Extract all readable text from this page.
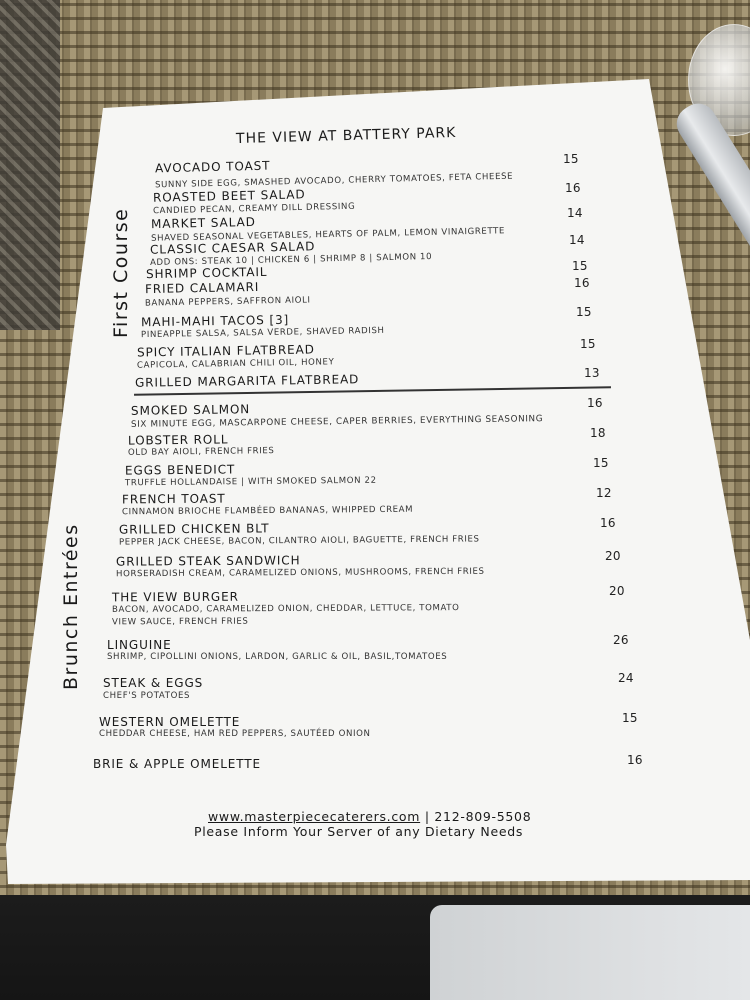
THE VIEW AT BATTERY PARK
First Course
Brunch Entrées
AVOCADO TOAST
SUNNY SIDE EGG, SMASHED AVOCADO, CHERRY TOMATOES, FETA CHEESE
15
ROASTED BEET SALAD
CANDIED PECAN, CREAMY DILL DRESSING
16
MARKET SALAD
SHAVED SEASONAL VEGETABLES, HEARTS OF PALM, LEMON VINAIGRETTE
14
CLASSIC CAESAR SALAD
ADD ONS: STEAK 10 | CHICKEN 6 | SHRIMP 8 | SALMON 10
14
SHRIMP COCKTAIL	15
FRIED CALAMARI
BANANA PEPPERS, SAFFRON AIOLI
16
MAHI-MAHI TACOS [3]
PINEAPPLE SALSA, SALSA VERDE, SHAVED RADISH
15
SPICY ITALIAN FLATBREAD
CAPICOLA, CALABRIAN CHILI OIL, HONEY
15
GRILLED MARGARITA FLATBREAD	13
SMOKED SALMON
SIX MINUTE EGG, MASCARPONE CHEESE, CAPER BERRIES, EVERYTHING SEASONING
16
LOBSTER ROLL
OLD BAY AIOLI, FRENCH FRIES
18
EGGS BENEDICT
TRUFFLE HOLLANDAISE | WITH SMOKED SALMON 22
15
FRENCH TOAST
CINNAMON BRIOCHE FLAMBÉED BANANAS, WHIPPED CREAM
12
GRILLED CHICKEN BLT
PEPPER JACK CHEESE, BACON, CILANTRO AIOLI, BAGUETTE, FRENCH FRIES
16
GRILLED STEAK SANDWICH
HORSERADISH CREAM, CARAMELIZED ONIONS, MUSHROOMS, FRENCH FRIES
20
THE VIEW BURGER
BACON, AVOCADO, CARAMELIZED ONION, CHEDDAR, LETTUCE, TOMATO
VIEW SAUCE, FRENCH FRIES
20
LINGUINE
SHRIMP, CIPOLLINI ONIONS, LARDON, GARLIC & OIL, BASIL,TOMATOES
26
STEAK & EGGS
CHEF'S POTATOES
24
WESTERN OMELETTE
CHEDDAR CHEESE, HAM RED PEPPERS, SAUTÉED ONION
15
BRIE & APPLE OMELETTE	16
www.masterpiececaterers.com | 212-809-5508
Please Inform Your Server of any Dietary Needs
